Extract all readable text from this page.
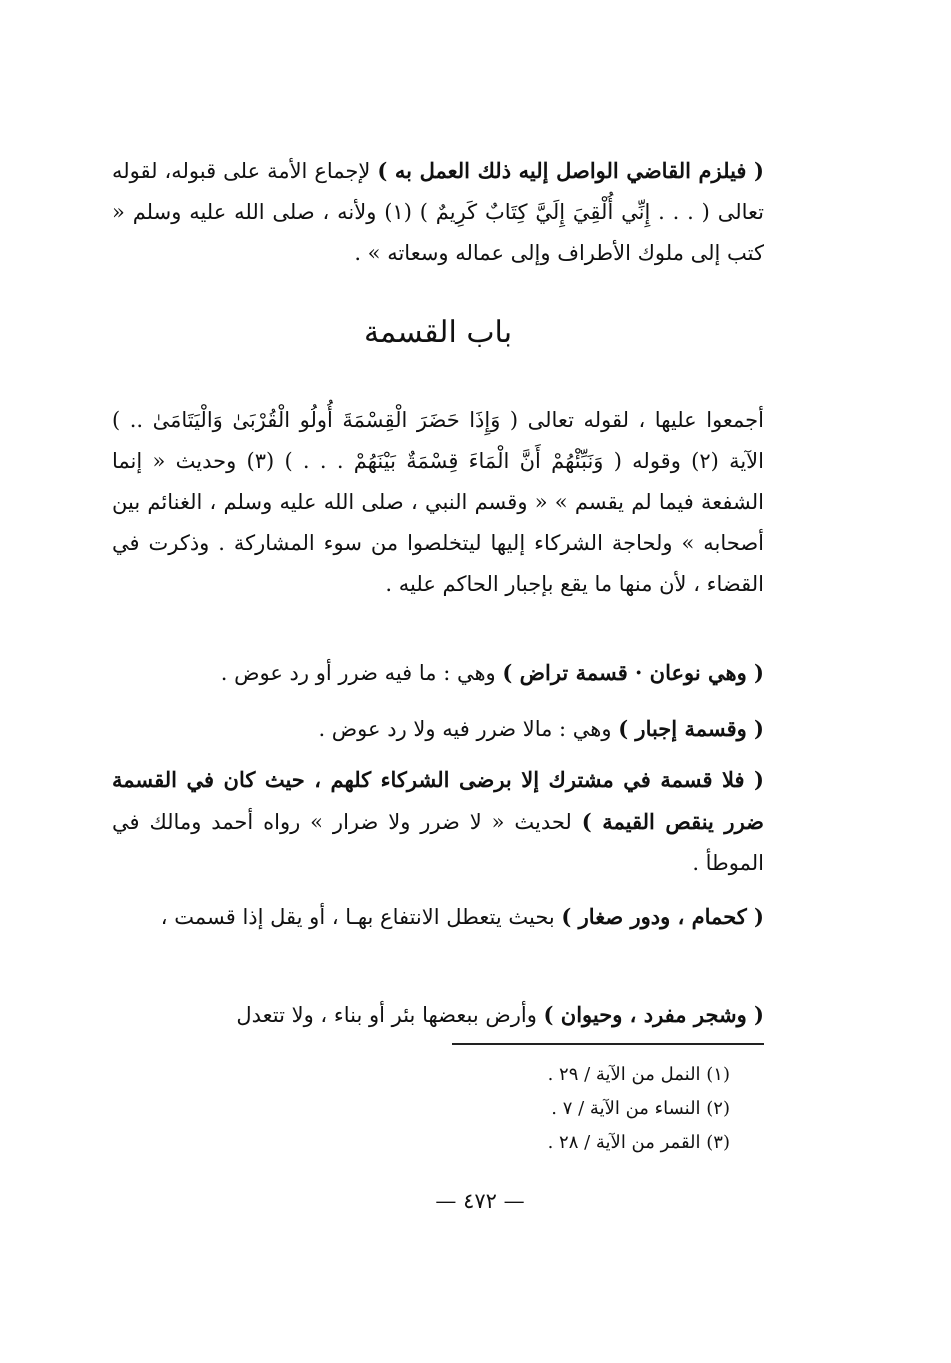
( فيلزم القاضي الواصل إليه ذلك العمل به ) لإجماع الأمة على قبوله، لقوله تعالى ( . . . إِنِّي أُلْقِيَ إِلَيَّ كِتَابٌ كَرِيمٌ ) (١) ولأنه ، صلى الله عليه وسلم « كتب إلى ملوك الأطراف وإلى عماله وسعاته » .

باب القسمة

أجمعوا عليها ، لقوله تعالى ( وَإِذَا حَضَرَ الْقِسْمَةَ أُولُو الْقُرْبَىٰ وَالْيَتَامَىٰ .. ) الآية (٢) وقوله ( وَنَبِّئْهُمْ أَنَّ الْمَاءَ قِسْمَةٌ بَيْنَهُمْ . . . ) (٣) وحديث « إنما الشفعة فيما لم يقسم » « وقسم النبي ، صلى الله عليه وسلم ، الغنائم بين أصحابه » ولحاجة الشركاء إليها ليتخلصوا من سوء المشاركة . وذكرت في القضاء ، لأن منها ما يقع بإجبار الحاكم عليه .

( وهي نوعان · قسمة تراض ) وهي : ما فيه ضرر أو رد عوض .

( وقسمة إجبار ) وهي : مالا ضرر فيه ولا رد عوض .

( فلا قسمة في مشترك إلا برضى الشركاء كلهم ، حيث كان في القسمة ضرر ينقص القيمة ) لحديث « لا ضرر ولا ضرار » رواه أحمد ومالك في الموطأ .

( كحمام ، ودور صغار ) بحيث يتعطل الانتفاع بهـا ، أو يقل إذا قسمت ،

( وشجر مفرد ، وحيوان ) وأرض ببعضها بئر أو بناء ، ولا تتعدل

(١) النمل من الآية / ٢٩ .

(٢) النساء من الآية / ٧ .

(٣) القمر من الآية / ٢٨ .

— ٤٧٢ —
